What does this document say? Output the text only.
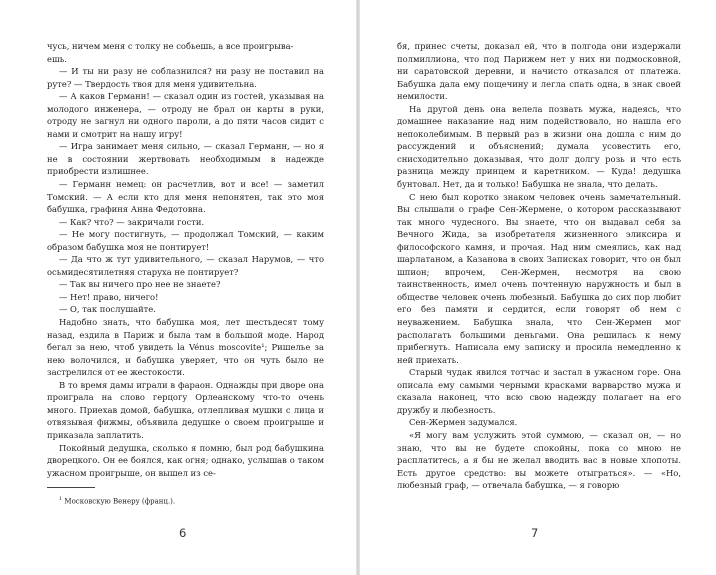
чусь, ничем меня с толку не собьешь, а все проигрыва-

ешь.

— И ты ни разу не соблазнился? ни разу не поставил на руте? — Твердость твоя для меня удивительна.

— А каков Германн! — сказал один из гостей, указывая на молодого инженера, — отроду не брал он карты в руки, отроду не загнул ни одного пароли, а до пяти часов сидит с нами и смотрит на нашу игру!

— Игра занимает меня сильно, — сказал Германн, — но я не в состоянии жертвовать необходимым в надежде приобрести излишнее.

— Германн немец: он расчетлив, вот и все! — заметил Томский. — А если кто для меня непонятен, так это моя бабушка, графиня Анна Федотовна.

— Как? что? — закричали гости.

— Не могу постигнуть, — продолжал Томский, — каким образом бабушка моя не понтирует!

— Да что ж тут удивительного, — сказал Нарумов, — что осьмидесятилетняя старуха не понтирует?

— Так вы ничего про нее не знаете?

— Нет! право, ничего!

— О, так послушайте.

Надобно знать, что бабушка моя, лет шестьдесят тому назад, ездила в Париж и была там в большой моде. Народ бегал за нею, чтоб увидеть la Vénus moscovite¹; Ришелье за нею волочился, и бабушка уверяет, что он чуть было не застрелился от ее жестокости.

В то время дамы играли в фараон. Однажды при дворе она проиграла на слово герцогу Орлеанскому что-то очень много. Приехав домой, бабушка, отлепливая мушки с лица и отвязывая фижмы, объявила дедушке о своем проигрыше и приказала заплатить.

Покойный дедушка, сколько я помню, был род бабушкина дворецкого. Он ее боялся, как огня; однако, услышав о таком ужасном проигрыше, он вышел из се-

$^1$ Московскую Венеру (франц.).
6

бя, принес счеты, доказал ей, что в полгода они издержали полмиллиона, что под Парижем нет у них ни подмосковной, ни саратовской деревни, и начисто отказался от платежа. Бабушка дала ему пощечину и легла спать одна, в знак своей немилости.

На другой день она велела позвать мужа, надеясь, что домашнее наказание над ним подействовало, но нашла его непоколебимым. В первый раз в жизни она дошла с ним до рассуждений и объяснений; думала усовестить его, снисходительно доказывая, что долг долгу розь и что есть разница между принцем и каретником. — Куда! дедушка бунтовал. Нет, да и только! Бабушка не знала, что делать.

С нею был коротко знаком человек очень замечательный. Вы слышали о графе Сен-Жермене, о котором рассказывают так много чудесного. Вы знаете, что он выдавал себя за Вечного Жида, за изобретателя жизненного эликсира и философского камня, и прочая. Над ним смеялись, как над шарлатаном, а Казанова в своих Записках говорит, что он был шпион; впрочем, Сен-Жермен, несмотря на свою таинственность, имел очень почтенную наружность и был в обществе человек очень любезный. Бабушка до сих пор любит его без памяти и сердится, если говорят об нем с неуважением. Бабушка знала, что Сен-Жермен мог располагать большими деньгами. Она решилась к нему прибегнуть. Написала ему записку и просила немедленно к ней приехать.

Старый чудак явился тотчас и застал в ужасном горе. Она описала ему самыми черными красками варварство мужа и сказала наконец, что всю свою надежду полагает на его дружбу и любезность.

Сен-Жермен задумался.

«Я могу вам услужить этой суммою, — сказал он, — но знаю, что вы не будете спокойны, пока со мною не расплатитесь, а я бы не желал вводить вас в новые хлопоты. Есть другое средство: вы можете отыграться». — «Но, любезный граф, — отвечала бабушка, — я говорю

7
